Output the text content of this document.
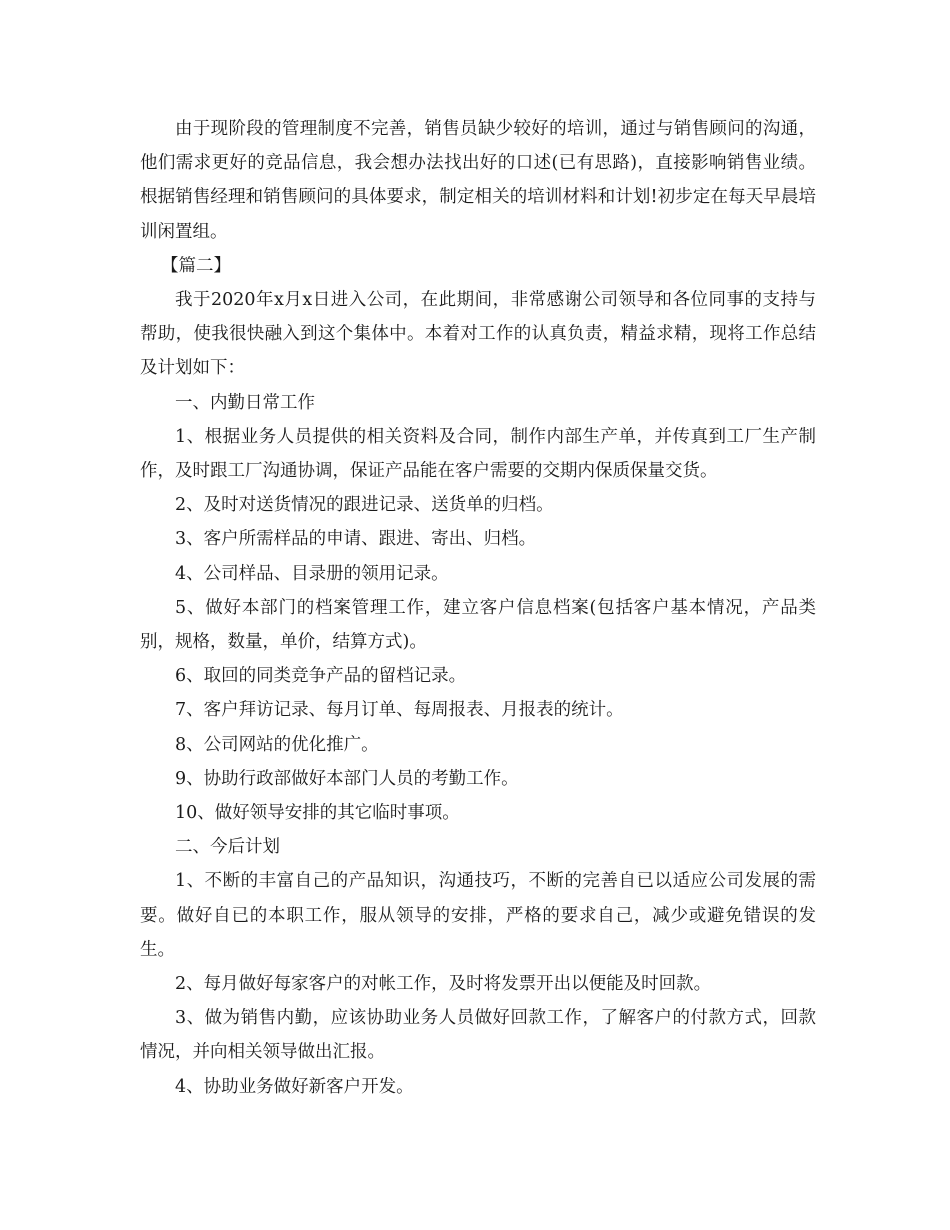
由于现阶段的管理制度不完善，销售员缺少较好的培训，通过与销售顾问的沟通，他们需求更好的竞品信息，我会想办法找出好的口述(已有思路)，直接影响销售业绩。根据销售经理和销售顾问的具体要求，制定相关的培训材料和计划!初步定在每天早晨培训闲置组。

【篇二】

我于2020年x月x日进入公司，在此期间，非常感谢公司领导和各位同事的支持与帮助，使我很快融入到这个集体中。本着对工作的认真负责，精益求精，现将工作总结及计划如下：

一、内勤日常工作

1、根据业务人员提供的相关资料及合同，制作内部生产单，并传真到工厂生产制作，及时跟工厂沟通协调，保证产品能在客户需要的交期内保质保量交货。

2、及时对送货情况的跟进记录、送货单的归档。

3、客户所需样品的申请、跟进、寄出、归档。

4、公司样品、目录册的领用记录。

5、做好本部门的档案管理工作，建立客户信息档案(包括客户基本情况，产品类别，规格，数量，单价，结算方式)。

6、取回的同类竞争产品的留档记录。

7、客户拜访记录、每月订单、每周报表、月报表的统计。

8、公司网站的优化推广。

9、协助行政部做好本部门人员的考勤工作。

10、做好领导安排的其它临时事项。

二、今后计划

1、不断的丰富自己的产品知识，沟通技巧，不断的完善自已以适应公司发展的需要。做好自已的本职工作，服从领导的安排，严格的要求自己，减少或避免错误的发生。

2、每月做好每家客户的对帐工作，及时将发票开出以便能及时回款。

3、做为销售内勤，应该协助业务人员做好回款工作，了解客户的付款方式，回款情况，并向相关领导做出汇报。

4、协助业务做好新客户开发。
